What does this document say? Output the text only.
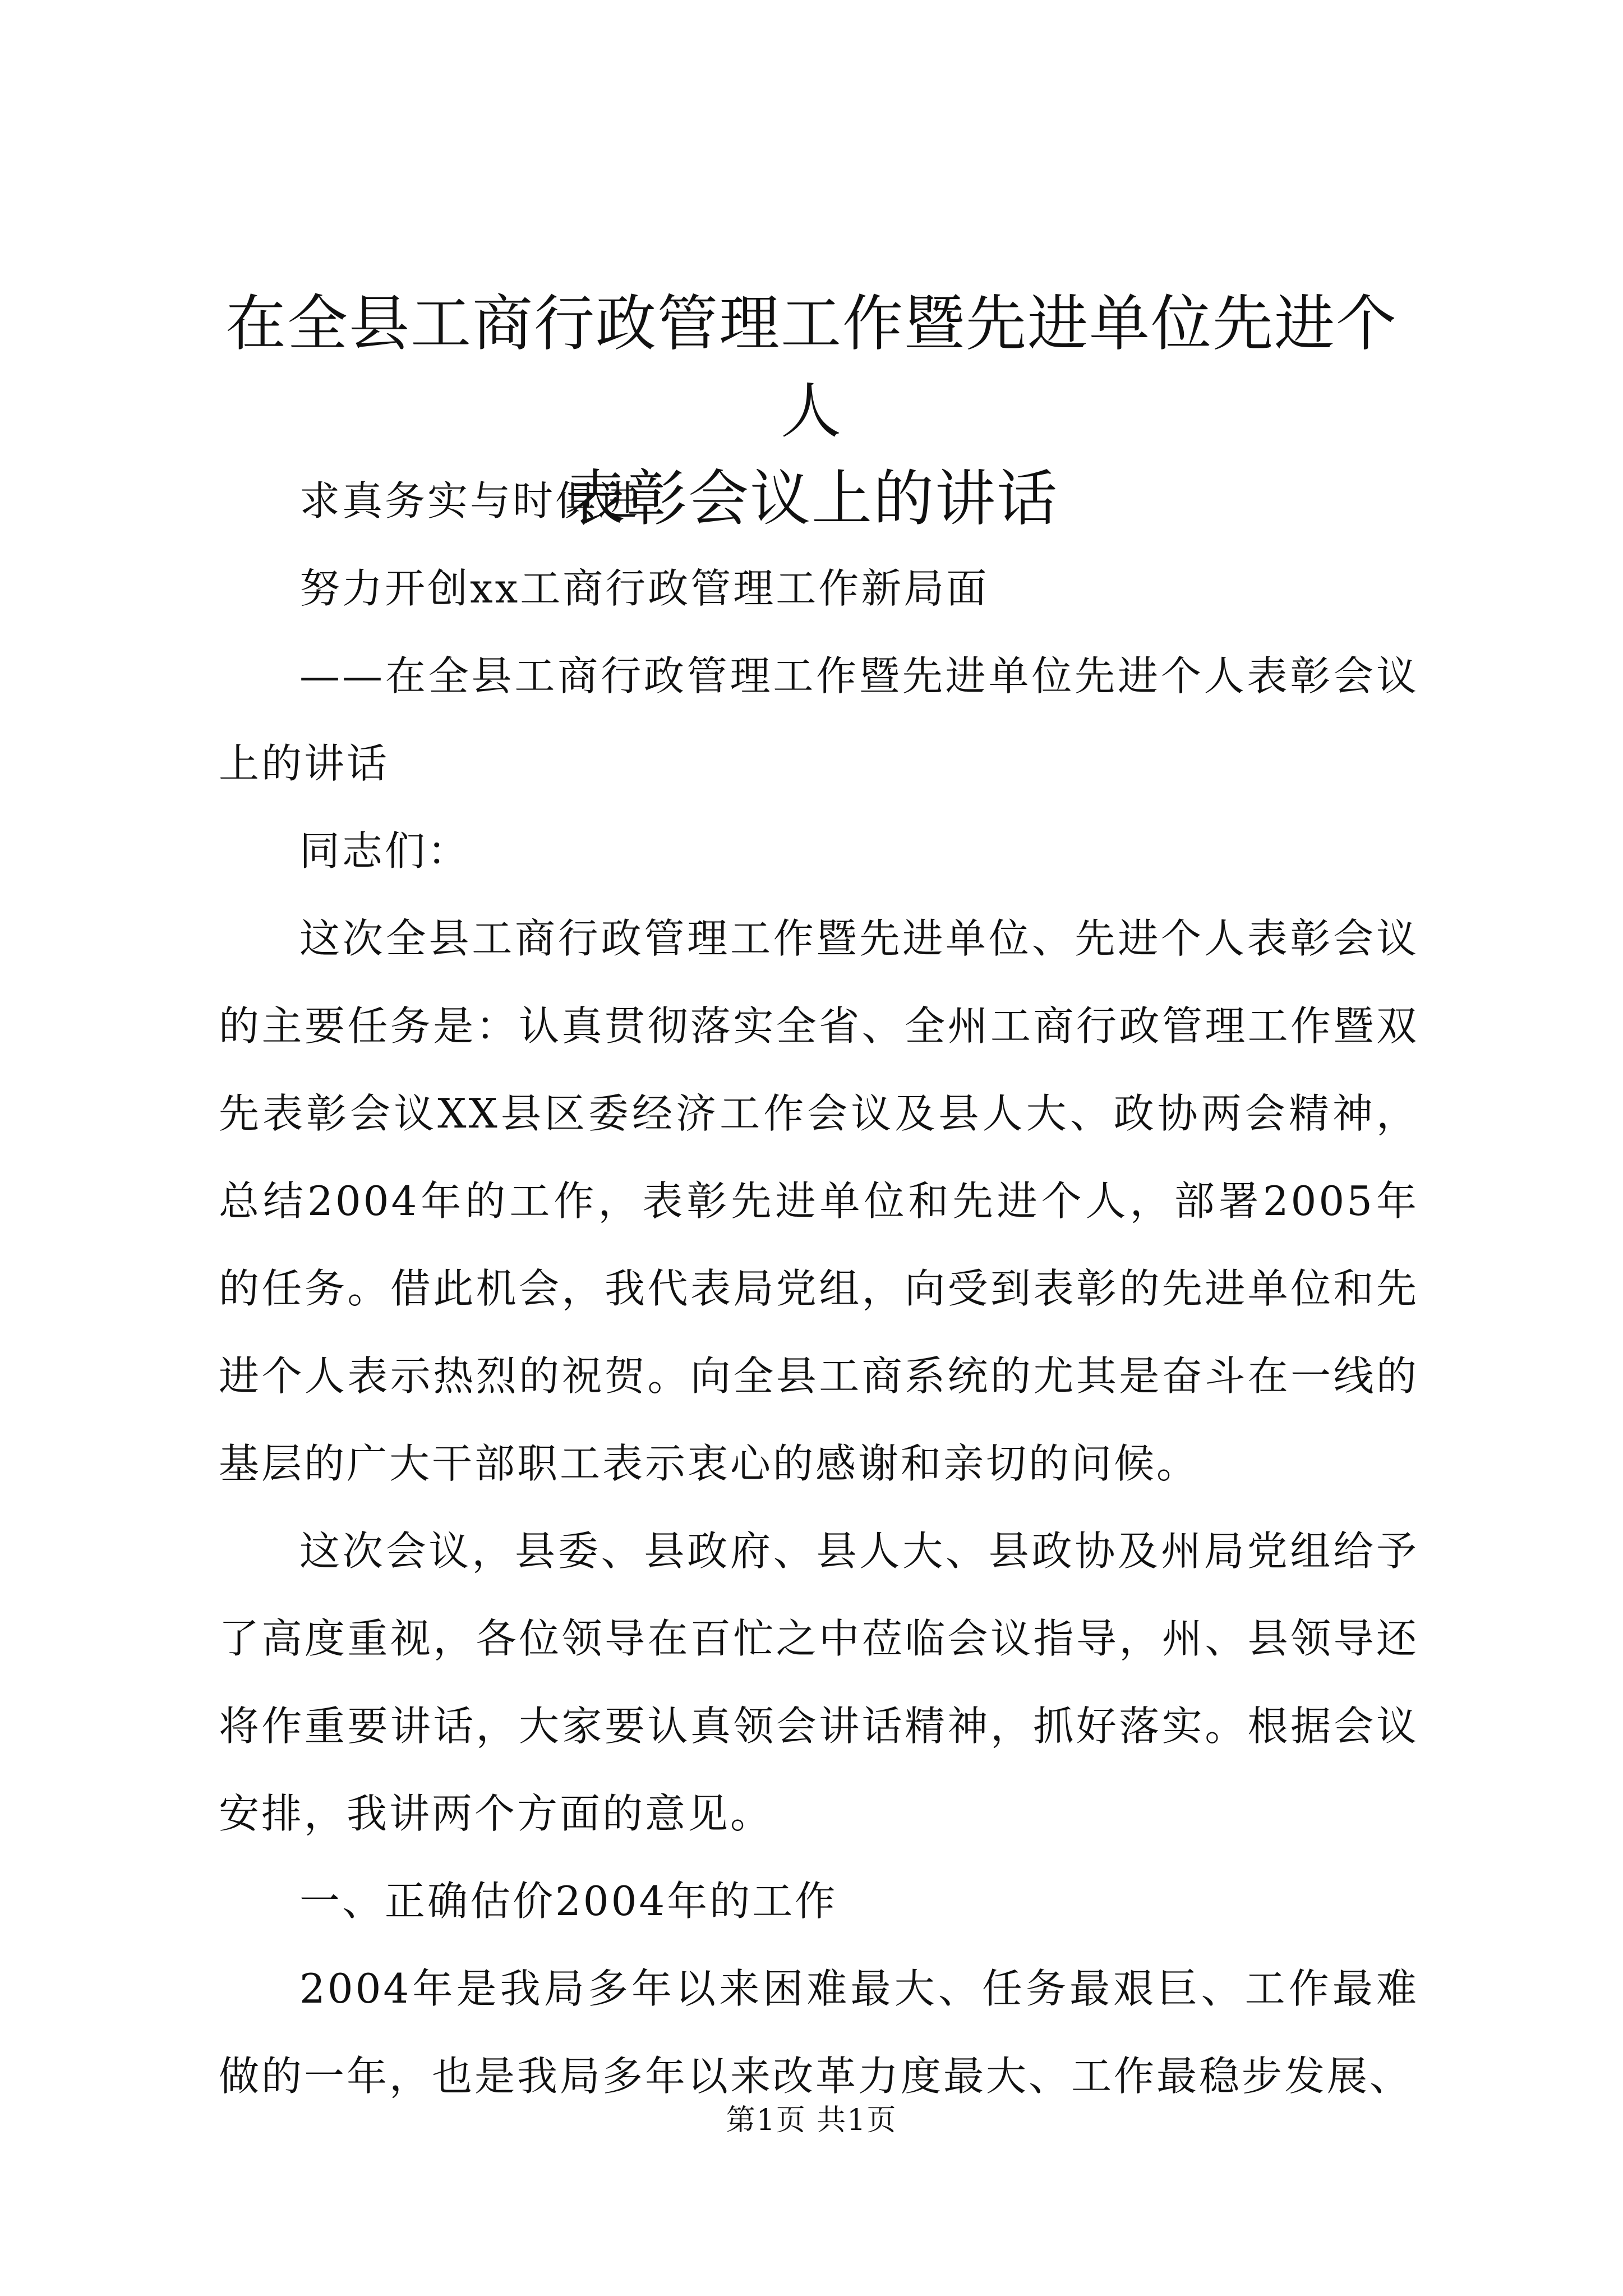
在全县工商行政管理工作暨先进单位先进个人
表彰会议上的讲话

求真务实与时俱进

努力开创xx工商行政管理工作新局面

——在全县工商行政管理工作暨先进单位先进个人表彰会议上的讲话

同志们：

这次全县工商行政管理工作暨先进单位、先进个人表彰会议的主要任务是：认真贯彻落实全省、全州工商行政管理工作暨双先表彰会议XX县区委经济工作会议及县人大、政协两会精神，总结2004年的工作，表彰先进单位和先进个人，部署2005年的任务。借此机会，我代表局党组，向受到表彰的先进单位和先进个人表示热烈的祝贺。向全县工商系统的尤其是奋斗在一线的基层的广大干部职工表示衷心的感谢和亲切的问候。

这次会议，县委、县政府、县人大、县政协及州局党组给予了高度重视，各位领导在百忙之中莅临会议指导，州、县领导还将作重要讲话，大家要认真领会讲话精神，抓好落实。根据会议安排，我讲两个方面的意见。

一、正确估价2004年的工作

2004年是我局多年以来困难最大、任务最艰巨、工作最难做的一年，也是我局多年以来改革力度最大、工作最稳步发展、

第1页 共1页
